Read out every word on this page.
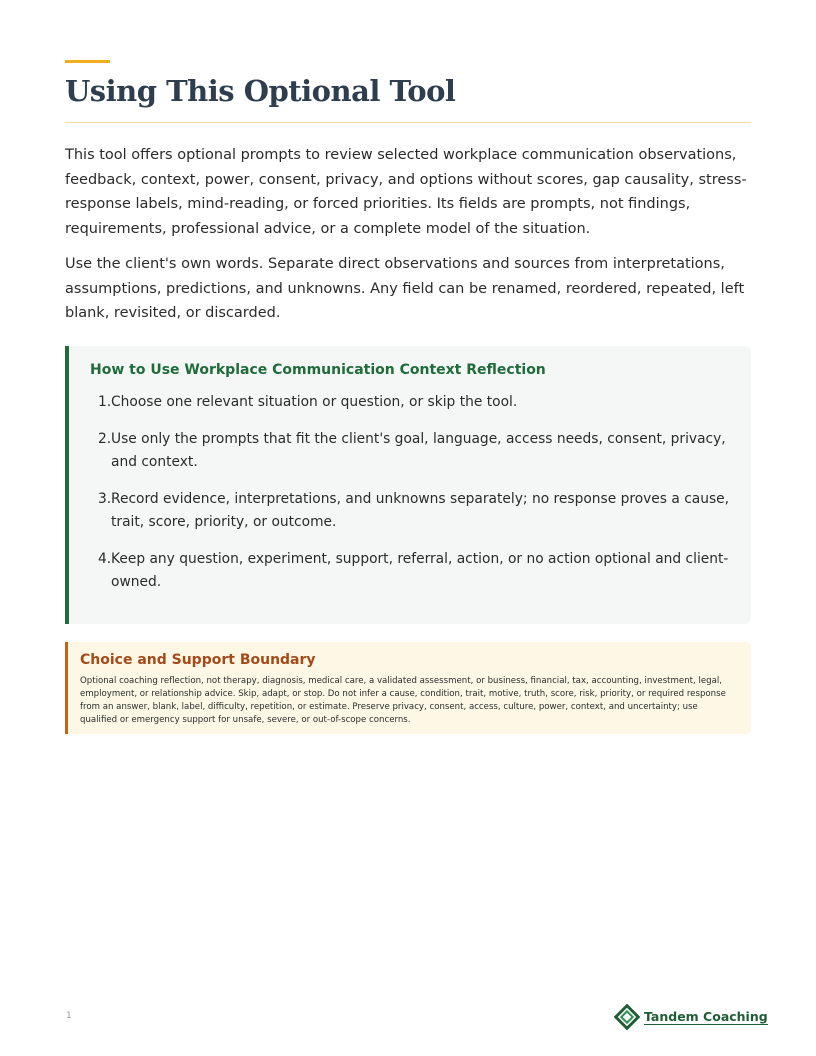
Using This Optional Tool

This tool offers optional prompts to review selected workplace communication observations, feedback, context, power, consent, privacy, and options without scores, gap causality, stress-response labels, mind-reading, or forced priorities. Its fields are prompts, not findings, requirements, professional advice, or a complete model of the situation.

Use the client's own words. Separate direct observations and sources from interpretations, assumptions, predictions, and unknowns. Any field can be renamed, reordered, repeated, left blank, revisited, or discarded.

How to Use Workplace Communication Context Reflection
1. Choose one relevant situation or question, or skip the tool.
2. Use only the prompts that fit the client's goal, language, access needs, consent, privacy, and context.
3. Record evidence, interpretations, and unknowns separately; no response proves a cause, trait, score, priority, or outcome.
4. Keep any question, experiment, support, referral, action, or no action optional and client-owned.
Choice and Support Boundary

Optional coaching reflection, not therapy, diagnosis, medical care, a validated assessment, or business, financial, tax, accounting, investment, legal, employment, or relationship advice. Skip, adapt, or stop. Do not infer a cause, condition, trait, motive, truth, score, risk, priority, or required response from an answer, blank, label, difficulty, repetition, or estimate. Preserve privacy, consent, access, culture, power, context, and uncertainty; use qualified or emergency support for unsafe, severe, or out-of-scope concerns.

1	Tandem Coaching
